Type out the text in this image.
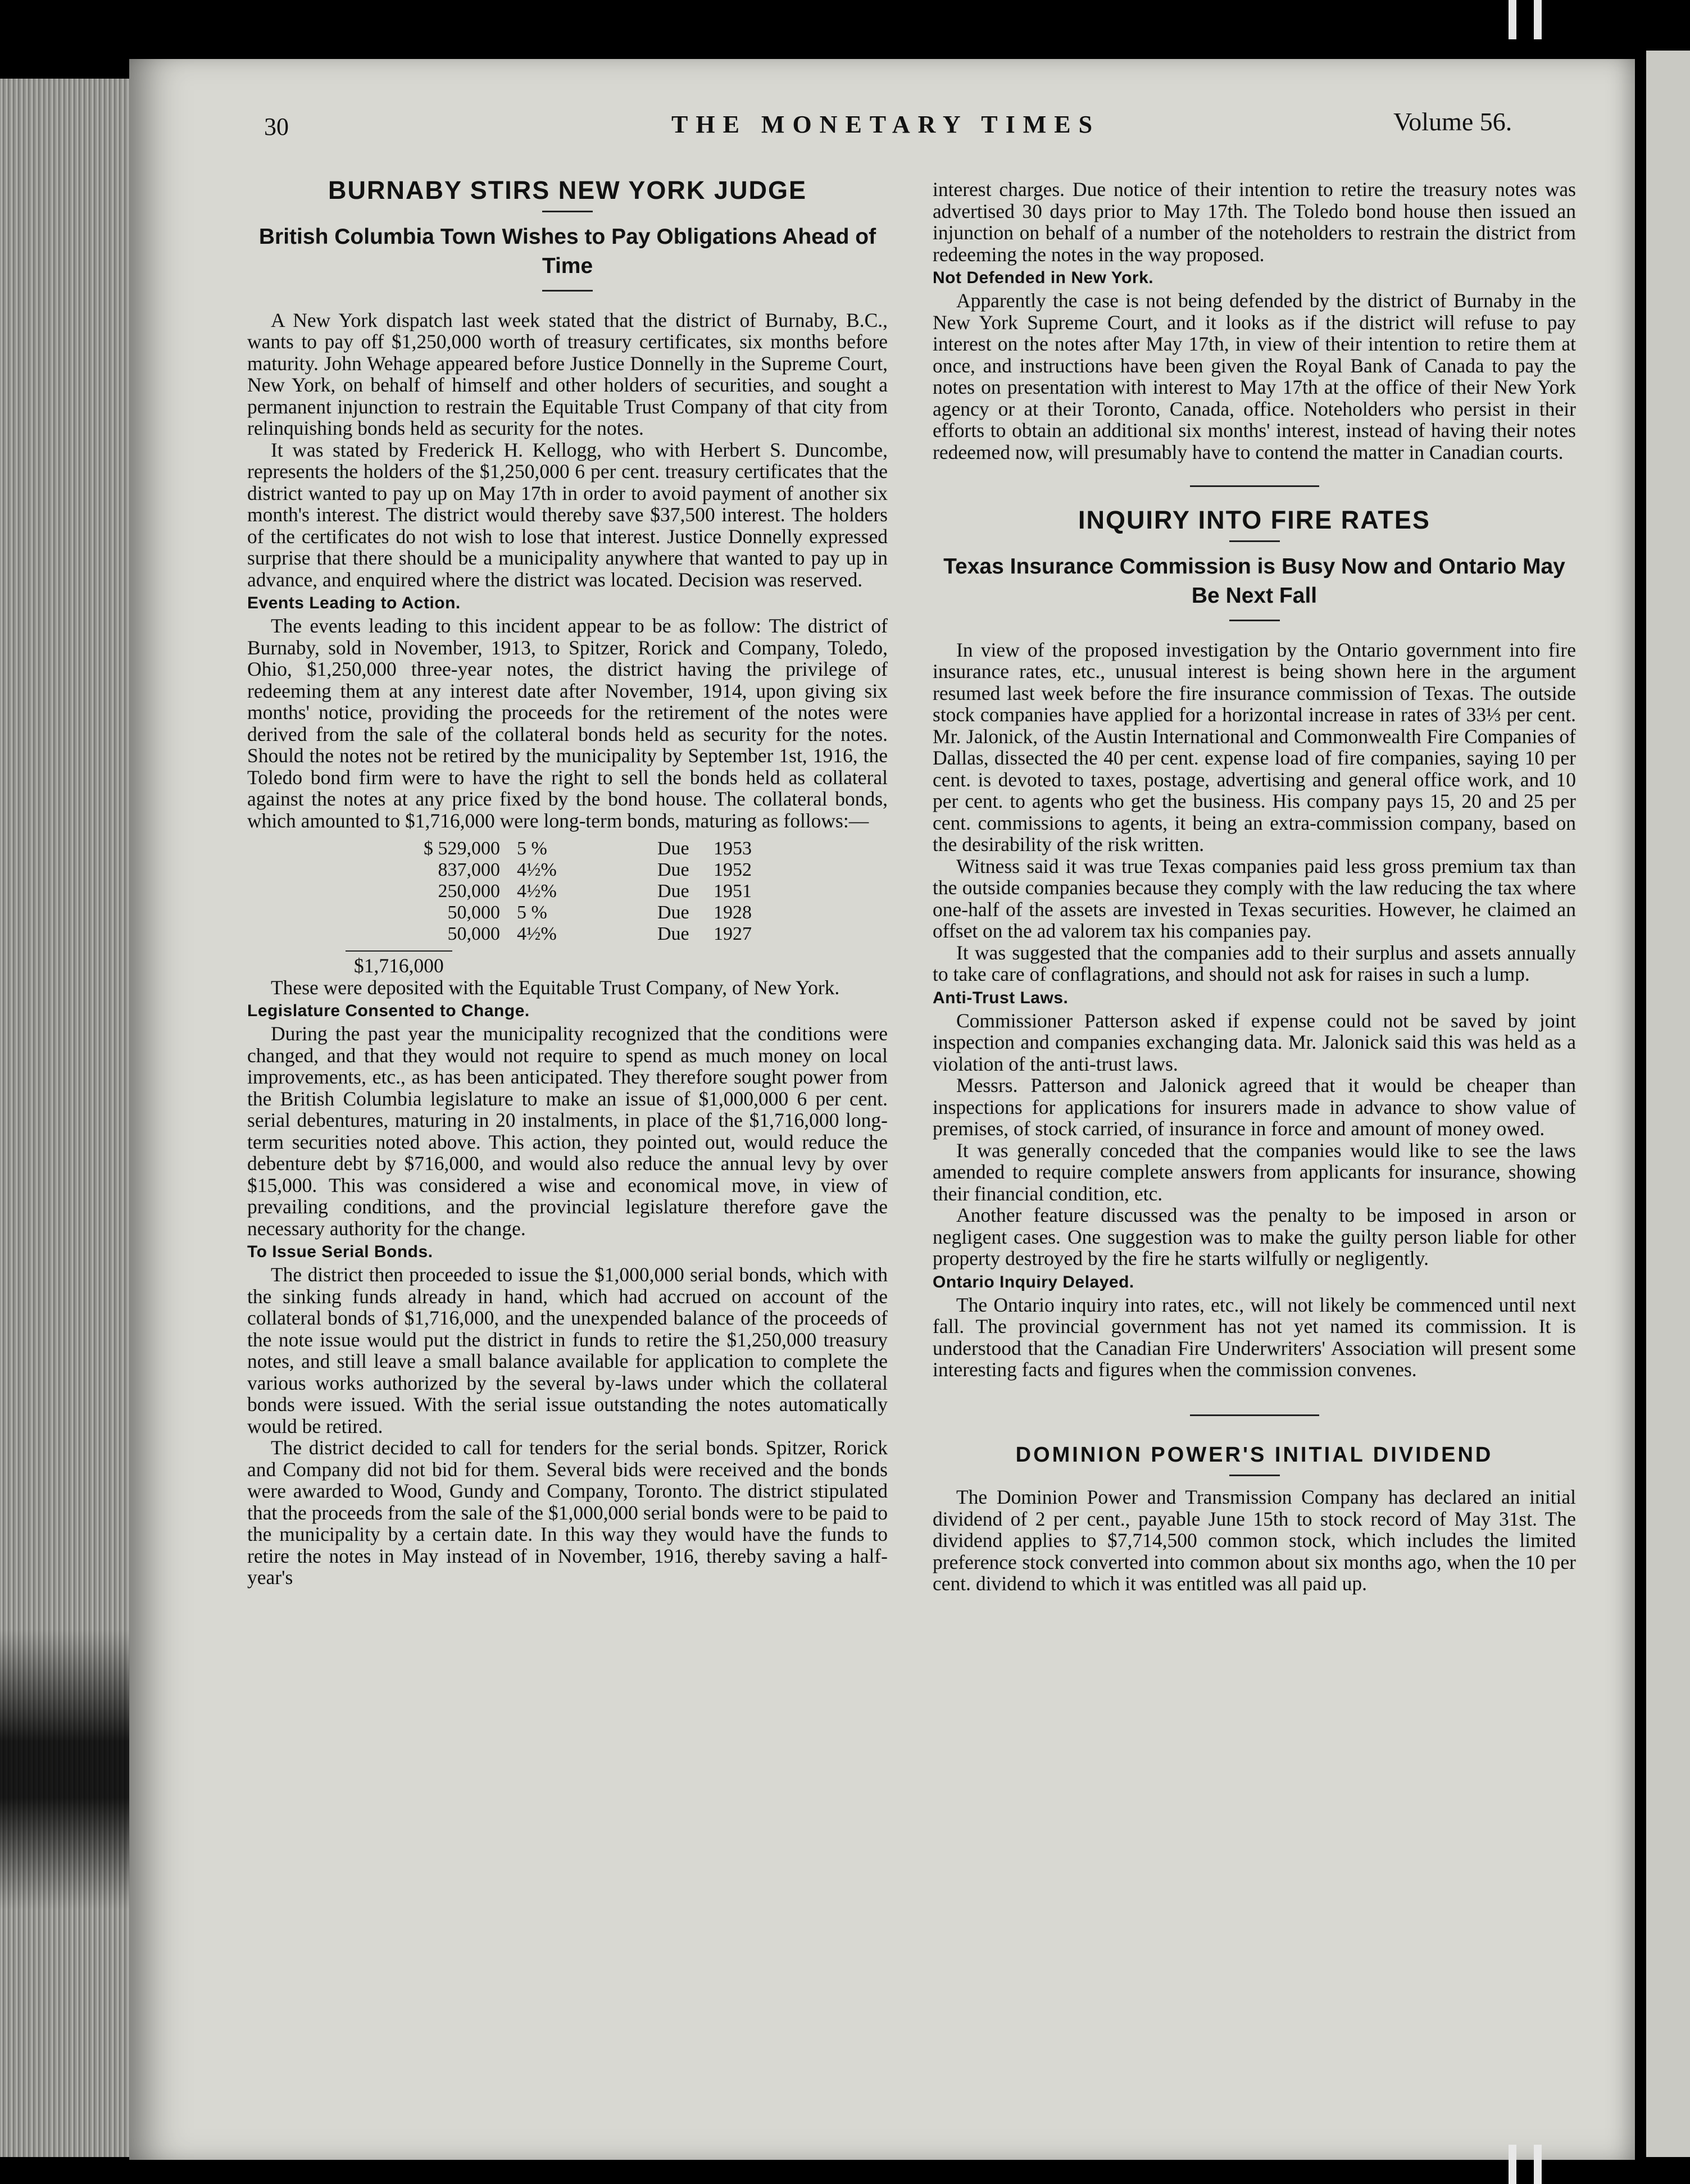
30	THE MONETARY TIMES	Volume 56.
BURNABY STIRS NEW YORK JUDGE
British Columbia Town Wishes to Pay Obligations Ahead of Time

A New York dispatch last week stated that the district of Burnaby, B.C., wants to pay off $1,250,000 worth of treasury certificates, six months before maturity. John Wehage appeared before Justice Donnelly in the Supreme Court, New York, on behalf of himself and other holders of securities, and sought a permanent injunction to restrain the Equitable Trust Company of that city from relinquishing bonds held as security for the notes.

It was stated by Frederick H. Kellogg, who with Herbert S. Duncombe, represents the holders of the $1,250,000 6 per cent. treasury certificates that the district wanted to pay up on May 17th in order to avoid payment of another six month's interest. The district would thereby save $37,500 interest. The holders of the certificates do not wish to lose that interest. Justice Donnelly expressed surprise that there should be a municipality anywhere that wanted to pay up in advance, and enquired where the district was located. Decision was reserved.

Events Leading to Action.

The events leading to this incident appear to be as follow: The district of Burnaby, sold in November, 1913, to Spitzer, Rorick and Company, Toledo, Ohio, $1,250,000 three-year notes, the district having the privilege of redeeming them at any interest date after November, 1914, upon giving six months' notice, providing the proceeds for the retirement of the notes were derived from the sale of the collateral bonds held as security for the notes. Should the notes not be retired by the municipality by September 1st, 1916, the Toledo bond firm were to have the right to sell the bonds held as collateral against the notes at any price fixed by the bond house. The collateral bonds, which amounted to $1,716,000 were long-term bonds, maturing as follows:—

$ 529,000	5 %	Due	1953
837,000	4½%	Due	1952
250,000	4½%	Due	1951
50,000	5 %	Due	1928
50,000	4½%	Due	1927
$1,716,000

These were deposited with the Equitable Trust Company, of New York.

Legislature Consented to Change.

During the past year the municipality recognized that the conditions were changed, and that they would not require to spend as much money on local improvements, etc., as has been anticipated. They therefore sought power from the British Columbia legislature to make an issue of $1,000,000 6 per cent. serial debentures, maturing in 20 instalments, in place of the $1,716,000 long-term securities noted above. This action, they pointed out, would reduce the debenture debt by $716,000, and would also reduce the annual levy by over $15,000. This was considered a wise and economical move, in view of prevailing conditions, and the provincial legislature therefore gave the necessary authority for the change.

To Issue Serial Bonds.

The district then proceeded to issue the $1,000,000 serial bonds, which with the sinking funds already in hand, which had accrued on account of the collateral bonds of $1,716,000, and the unexpended balance of the proceeds of the note issue would put the district in funds to retire the $1,250,000 treasury notes, and still leave a small balance available for application to complete the various works authorized by the several by-laws under which the collateral bonds were issued. With the serial issue outstanding the notes automatically would be retired.

The district decided to call for tenders for the serial bonds. Spitzer, Rorick and Company did not bid for them. Several bids were received and the bonds were awarded to Wood, Gundy and Company, Toronto. The district stipulated that the proceeds from the sale of the $1,000,000 serial bonds were to be paid to the municipality by a certain date. In this way they would have the funds to retire the notes in May instead of in November, 1916, thereby saving a half-year's

interest charges. Due notice of their intention to retire the treasury notes was advertised 30 days prior to May 17th. The Toledo bond house then issued an injunction on behalf of a number of the noteholders to restrain the district from redeeming the notes in the way proposed.

Not Defended in New York.

Apparently the case is not being defended by the district of Burnaby in the New York Supreme Court, and it looks as if the district will refuse to pay interest on the notes after May 17th, in view of their intention to retire them at once, and instructions have been given the Royal Bank of Canada to pay the notes on presentation with interest to May 17th at the office of their New York agency or at their Toronto, Canada, office. Noteholders who persist in their efforts to obtain an additional six months' interest, instead of having their notes redeemed now, will presumably have to contend the matter in Canadian courts.

INQUIRY INTO FIRE RATES
Texas Insurance Commission is Busy Now and Ontario May Be Next Fall

In view of the proposed investigation by the Ontario government into fire insurance rates, etc., unusual interest is being shown here in the argument resumed last week before the fire insurance commission of Texas. The outside stock companies have applied for a horizontal increase in rates of 33⅓ per cent. Mr. Jalonick, of the Austin International and Commonwealth Fire Companies of Dallas, dissected the 40 per cent. expense load of fire companies, saying 10 per cent. is devoted to taxes, postage, advertising and general office work, and 10 per cent. to agents who get the business. His company pays 15, 20 and 25 per cent. commissions to agents, it being an extra-commission company, based on the desirability of the risk written.

Witness said it was true Texas companies paid less gross premium tax than the outside companies because they comply with the law reducing the tax where one-half of the assets are invested in Texas securities. However, he claimed an offset on the ad valorem tax his companies pay.

It was suggested that the companies add to their surplus and assets annually to take care of conflagrations, and should not ask for raises in such a lump.

Anti-Trust Laws.

Commissioner Patterson asked if expense could not be saved by joint inspection and companies exchanging data. Mr. Jalonick said this was held as a violation of the anti-trust laws.

Messrs. Patterson and Jalonick agreed that it would be cheaper than inspections for applications for insurers made in advance to show value of premises, of stock carried, of insurance in force and amount of money owed.

It was generally conceded that the companies would like to see the laws amended to require complete answers from applicants for insurance, showing their financial condition, etc.

Another feature discussed was the penalty to be imposed in arson or negligent cases. One suggestion was to make the guilty person liable for other property destroyed by the fire he starts wilfully or negligently.

Ontario Inquiry Delayed.

The Ontario inquiry into rates, etc., will not likely be commenced until next fall. The provincial government has not yet named its commission. It is understood that the Canadian Fire Underwriters' Association will present some interesting facts and figures when the commission convenes.

DOMINION POWER'S INITIAL DIVIDEND

The Dominion Power and Transmission Company has declared an initial dividend of 2 per cent., payable June 15th to stock record of May 31st. The dividend applies to $7,714,500 common stock, which includes the limited preference stock converted into common about six months ago, when the 10 per cent. dividend to which it was entitled was all paid up.
